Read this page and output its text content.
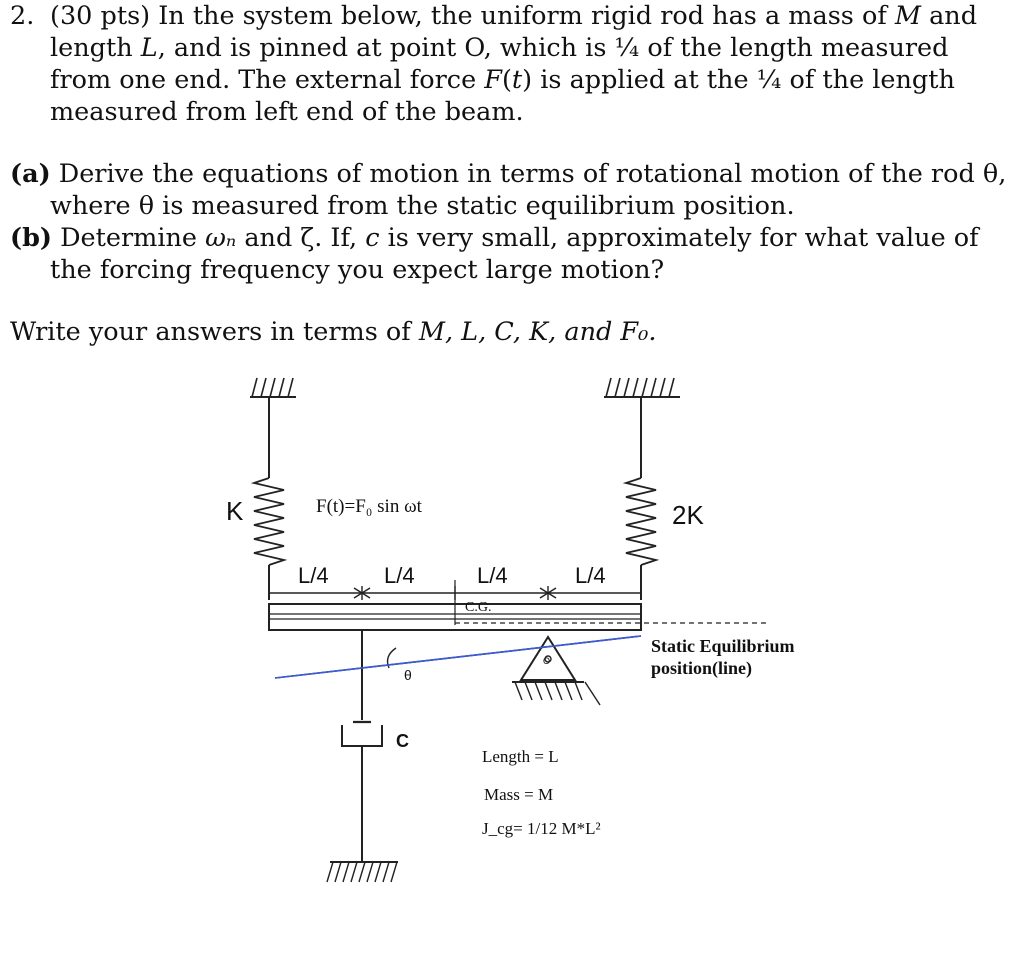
2. (30 pts) In the system below, the uniform rigid rod has a mass of M and length L, and is pinned at point O, which is ¼ of the length measured from one end. The external force F(t) is applied at the ¼ of the length measured from left end of the beam.

(a) Derive the equations of motion in terms of rotational motion of the rod θ, where θ is measured from the static equilibrium position.

(b) Determine ωₙ and ζ. If, c is very small, approximately for what value of the forcing frequency you expect large motion?

Write your answers in terms of M, L, C, K, and F₀.

K	2K
F(t)=F₀ sin ωt
L/4	L/4	L/4	L/4
C.G.
Static Equilibrium
position(line)
θ
C
O
Length = L
Mass = M
J_cg= 1/12 M*L²
